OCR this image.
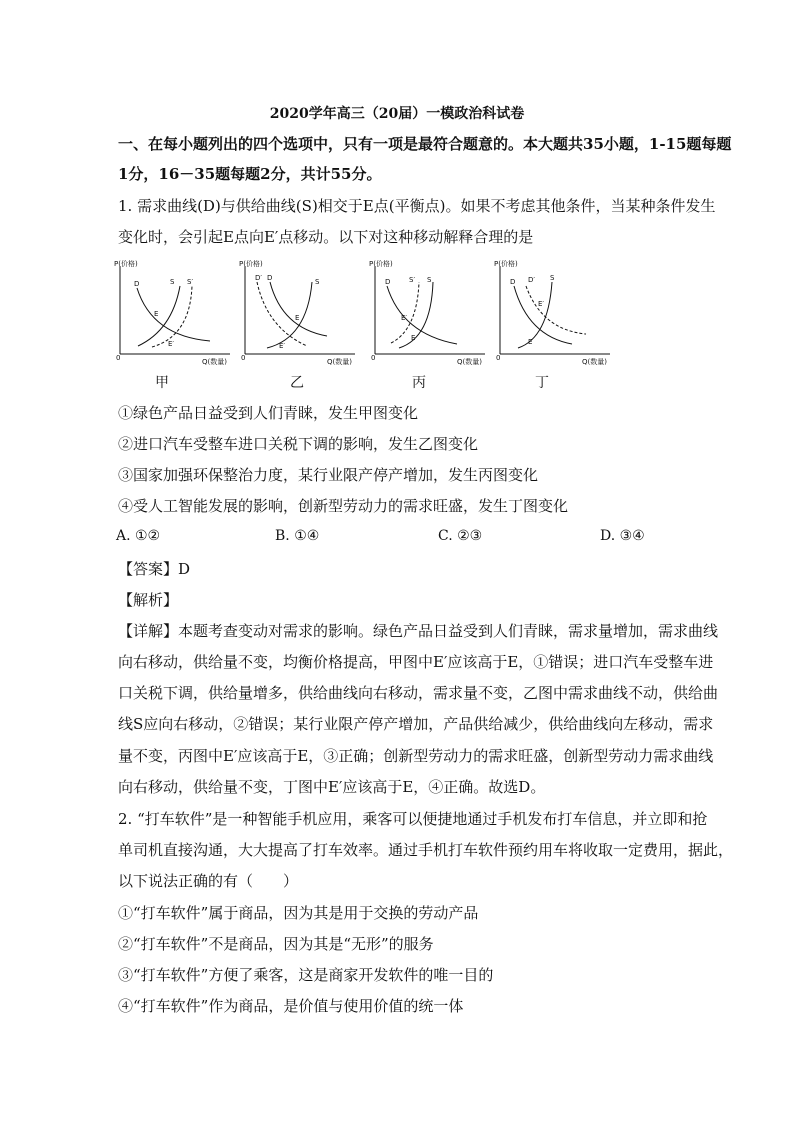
2020学年高三（20届）一模政治科试卷
一、在每小题列出的四个选项中，只有一项是最符合题意的。本大题共35小题，1-15题每题
1分，16－35题每题2分，共计55分。
1. 需求曲线(D)与供给曲线(S)相交于E点(平衡点)。如果不考虑其他条件，当某种条件发生
变化时，会引起E点向E′点移动。以下对这种移动解释合理的是
P(价格)
Q(数量)
0
D	S S′
E
E′
甲
P(价格)
Q(数量)
0
D′ D	S
E
E′
乙
P(价格)
Q(数量)
0
D	S′ S
E
E′
丙
P(价格)
Q(数量)
0
D D′ S
E
E′
丁
①绿色产品日益受到人们青睐，发生甲图变化
②进口汽车受整车进口关税下调的影响，发生乙图变化
③国家加强环保整治力度，某行业限产停产增加，发生丙图变化
④受人工智能发展的影响，创新型劳动力的需求旺盛，发生丁图变化
A. ①②	B. ①④	C. ②③	D. ③④
【答案】D
【解析】
【详解】本题考查变动对需求的影响。绿色产品日益受到人们青睐，需求量增加，需求曲线
向右移动，供给量不变，均衡价格提高，甲图中E′应该高于E，①错误；进口汽车受整车进
口关税下调，供给量增多，供给曲线向右移动，需求量不变，乙图中需求曲线不动，供给曲
线S应向右移动，②错误；某行业限产停产增加，产品供给减少，供给曲线向左移动，需求
量不变，丙图中E′应该高于E，③正确；创新型劳动力的需求旺盛，创新型劳动力需求曲线
向右移动，供给量不变，丁图中E′应该高于E，④正确。故选D。
2. “打车软件”是一种智能手机应用，乘客可以便捷地通过手机发布打车信息，并立即和抢
单司机直接沟通，大大提高了打车效率。通过手机打车软件预约用车将收取一定费用，据此，
以下说法正确的有（　　）
①“打车软件”属于商品，因为其是用于交换的劳动产品
②“打车软件”不是商品，因为其是“无形”的服务
③“打车软件”方便了乘客，这是商家开发软件的唯一目的
④“打车软件”作为商品，是价值与使用价值的统一体
